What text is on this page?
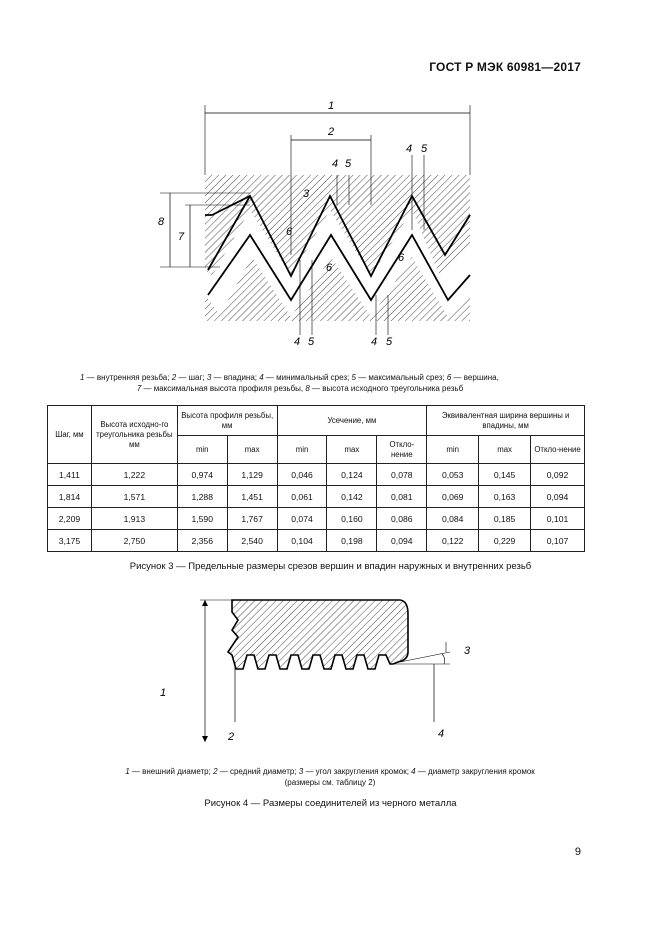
ГОСТ Р МЭК 60981—2017
1
2
3
4 5
4 5
6
6
6
7
8
4 5	4 5
1 — внутренняя резьба; 2 — шаг; 3 — впадина; 4 — минимальный срез; 5 — максимальный срез; 6 — вершина,
7 — максимальная высота профиля резьбы, 8 — высота исходного треугольника резьб
Шаг, мм	Высота исходно-го треугольника резьбы мм	Высота профиля резьбы, мм		Усечение, мм			Эквивалентная ширина вершины и впадины, мм		
		min	max	min	max	Откло-нение	min	max	Откло-нение
1,411	1,222	0,974	1,129	0,046	0,124	0,078	0,053	0,145	0,092
1,814	1,571	1,288	1,451	0,061	0,142	0,081	0,069	0,163	0,094
2,209	1,913	1,590	1,767	0,074	0,160	0,086	0,084	0,185	0,101
3,175	2,750	2,356	2,540	0,104	0,198	0,094	0,122	0,229	0,107
Рисунок 3 — Предельные размеры срезов вершин и впадин наружных и внутренних резьб
1
2
3
4
1 — внешний диаметр; 2 — средний диаметр; 3 — угол закругления кромок; 4 — диаметр закругления кромок
(размеры см. таблицу 2)
Рисунок 4 — Размеры соединителей из черного металла
9
